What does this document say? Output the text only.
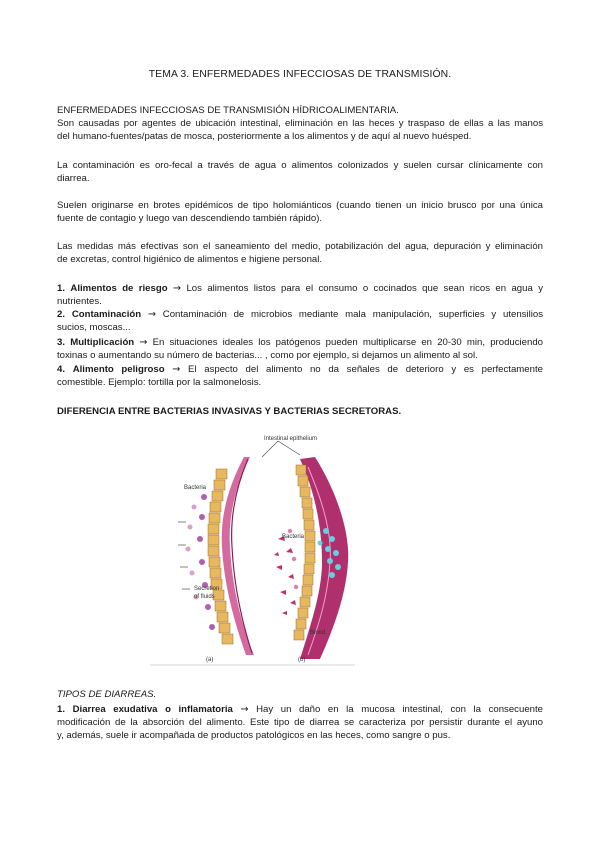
TEMA 3. ENFERMEDADES INFECCIOSAS DE TRANSMISIÓN.
ENFERMEDADES INFECCIOSAS DE TRANSMISIÓN HÍDRICOALIMENTARIA.
Son causadas por agentes de ubicación intestinal, eliminación en las heces y traspaso de ellas a las manos
del humano-fuentes/patas de mosca, posteriormente a los alimentos y de aquí al nuevo huésped.
La contaminación es oro-fecal a través de agua o alimentos colonizados y suelen cursar clínicamente con
diarrea.
Suelen originarse en brotes epidémicos de tipo holomiánticos (cuando tienen un inicio brusco por una única
fuente de contagio y luego van descendiendo también rápido).
Las medidas más efectivas son el saneamiento del medio, potabilización del agua, depuración y eliminación
de excretas, control higiénico de alimentos e higiene personal.
1. Alimentos de riesgo → Los alimentos listos para el consumo o cocinados que sean ricos en agua y
nutrientes.
2. Contaminación → Contaminación de microbios mediante mala manipulación, superficies y utensilios
sucios, moscas...
3. Multiplicación → En situaciones ideales los patógenos pueden multiplicarse en 20-30 min, produciendo
toxinas o aumentando su número de bacterias... , como por ejemplo, si dejamos un alimento al sol.
4. Alimento peligroso → El aspecto del alimento no da señales de deterioro y es perfectamente
comestible. Ejemplo: tortilla por la salmonelosis.
DIFERENCIA ENTRE BACTERIAS INVASIVAS Y BACTERIAS SECRETORAS.
TIPOS DE DIARREAS.
1. Diarrea exudativa o inflamatoria → Hay un daño en la mucosa intestinal, con la consecuente
modificación de la absorción del alimento. Este tipo de diarrea se caracteriza por persistir durante el ayuno
y, además, suele ir acompañada de productos patológicos en las heces, como sangre o pus.
Intestinal epithelium
Bacteria
Secretion
of fluids
Bacteria
Blood
(a)	(b)
